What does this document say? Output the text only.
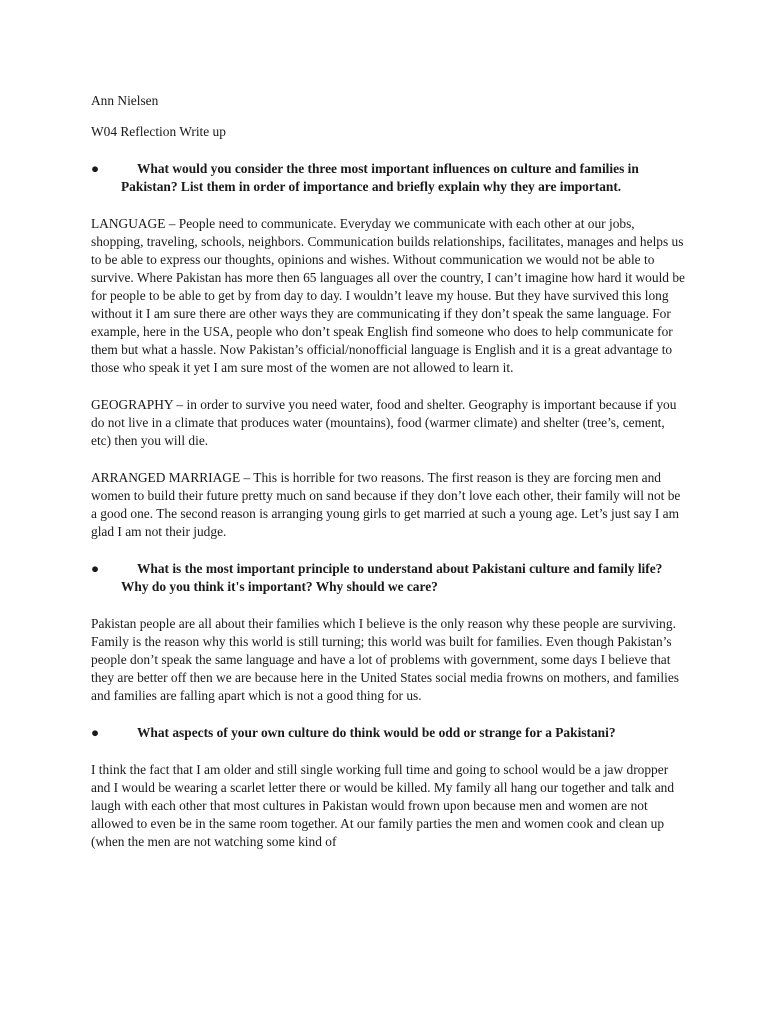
Ann Nielsen

W04 Reflection Write up

●	What would you consider the three most important influences on culture and families in Pakistan? List them in order of importance and briefly explain why they are important.

LANGUAGE – People need to communicate. Everyday we communicate with each other at our jobs, shopping, traveling, schools, neighbors. Communication builds relationships, facilitates, manages and helps us to be able to express our thoughts, opinions and wishes. Without communication we would not be able to survive. Where Pakistan has more then 65 languages all over the country, I can’t imagine how hard it would be for people to be able to get by from day to day. I wouldn’t leave my house. But they have survived this long without it I am sure there are other ways they are communicating if they don’t speak the same language. For example, here in the USA, people who don’t speak English find someone who does to help communicate for them but what a hassle. Now Pakistan’s official/nonofficial language is English and it is a great advantage to those who speak it yet I am sure most of the women are not allowed to learn it.

GEOGRAPHY – in order to survive you need water, food and shelter. Geography is important because if you do not live in a climate that produces water (mountains), food (warmer climate) and shelter (tree’s, cement, etc) then you will die.

ARRANGED MARRIAGE – This is horrible for two reasons. The first reason is they are forcing men and women to build their future pretty much on sand because if they don’t love each other, their family will not be a good one. The second reason is arranging young girls to get married at such a young age. Let’s just say I am glad I am not their judge.

●	What is the most important principle to understand about Pakistani culture and family life? Why do you think it's important? Why should we care?

Pakistan people are all about their families which I believe is the only reason why these people are surviving. Family is the reason why this world is still turning; this world was built for families. Even though Pakistan’s people don’t speak the same language and have a lot of problems with government, some days I believe that they are better off then we are because here in the United States social media frowns on mothers, and families and families are falling apart which is not a good thing for us.

●	What aspects of your own culture do think would be odd or strange for a Pakistani?

I think the fact that I am older and still single working full time and going to school would be a jaw dropper and I would be wearing a scarlet letter there or would be killed. My family all hang our together and talk and laugh with each other that most cultures in Pakistan would frown upon because men and women are not allowed to even be in the same room together. At our family parties the men and women cook and clean up (when the men are not watching some kind of
